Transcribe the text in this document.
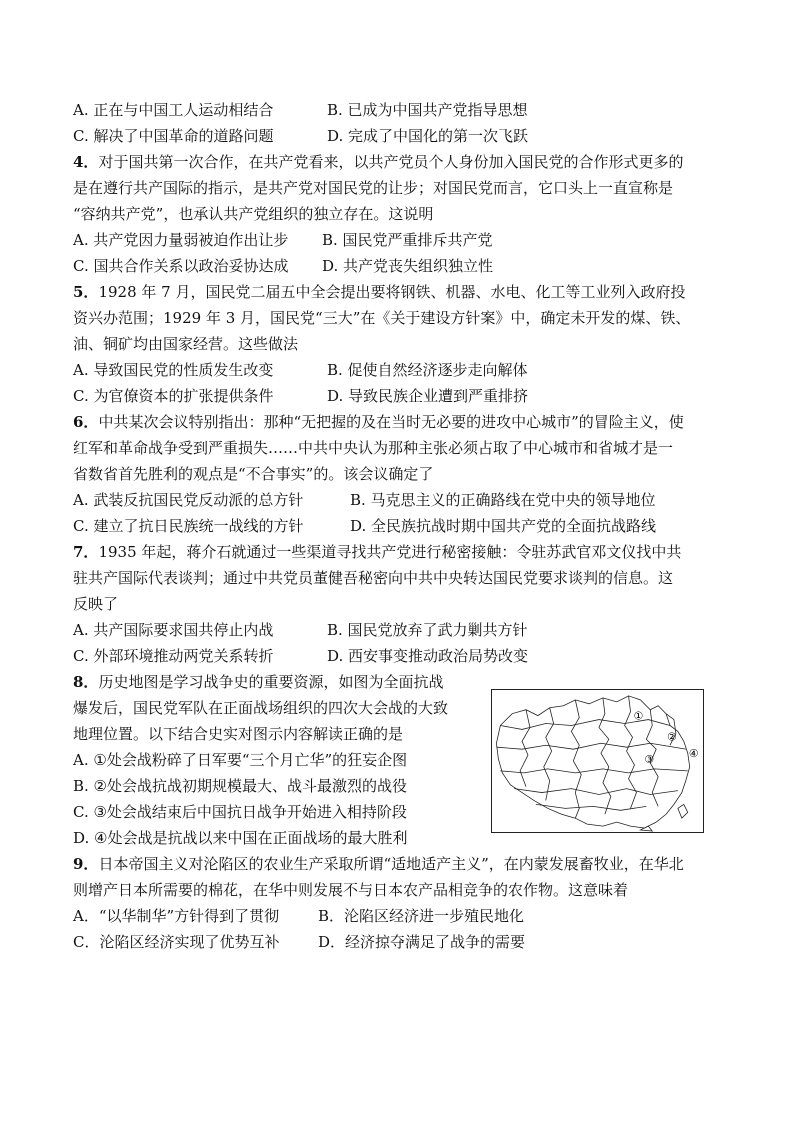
A. 正在与中国工人运动相结合	B. 已成为中国共产党指导思想
C. 解决了中国革命的道路问题	D. 完成了中国化的第一次飞跃
4．对于国共第一次合作，在共产党看来，以共产党员个人身份加入国民党的合作形式更多的
是在遵行共产国际的指示，是共产党对国民党的让步；对国民党而言，它口头上一直宣称是
“容纳共产党”，也承认共产党组织的独立存在。这说明
A. 共产党因力量弱被迫作出让步 B. 国民党严重排斥共产党
C. 国共合作关系以政治妥协达成 D. 共产党丧失组织独立性
5．1928 年 7 月，国民党二届五中全会提出要将钢铁、机器、水电、化工等工业列入政府投
资兴办范围；1929 年 3 月，国民党“三大”在《关于建设方针案》中，确定未开发的煤、铁、
油、铜矿均由国家经营。这些做法
A. 导致国民党的性质发生改变	B. 促使自然经济逐步走向解体
C. 为官僚资本的扩张提供条件	D. 导致民族企业遭到严重排挤
6．中共某次会议特别指出：那种“无把握的及在当时无必要的进攻中心城市”的冒险主义，使
红军和革命战争受到严重损失……中共中央认为那种主张必须占取了中心城市和省城才是一
省数省首先胜利的观点是“不合事实”的。该会议确定了
A. 武装反抗国民党反动派的总方针	B. 马克思主义的正确路线在党中央的领导地位
C. 建立了抗日民族统一战线的方针	D. 全民族抗战时期中国共产党的全面抗战路线
7．1935 年起，蒋介石就通过一些渠道寻找共产党进行秘密接触：令驻苏武官邓文仪找中共
驻共产国际代表谈判；通过中共党员董健吾秘密向中共中央转达国民党要求谈判的信息。这
反映了
A. 共产国际要求国共停止内战	B. 国民党放弃了武力剿共方针
C. 外部环境推动两党关系转折	D. 西安事变推动政治局势改变
8．历史地图是学习战争史的重要资源，如图为全面抗战
爆发后，国民党军队在正面战场组织的四次大会战的大致
地理位置。以下结合史实对图示内容解读正确的是
A. ①处会战粉碎了日军要“三个月亡华”的狂妄企图
B. ②处会战抗战初期规模最大、战斗最激烈的战役
C. ③处会战结束后中国抗日战争开始进入相持阶段
D. ④处会战是抗战以来中国在正面战场的最大胜利
①
②
③	④
9．日本帝国主义对沦陷区的农业生产采取所谓“适地适产主义”，在内蒙发展畜牧业，在华北
则增产日本所需要的棉花，在华中则发展不与日本农产品相竞争的农作物。这意味着
A．“以华制华”方针得到了贯彻	B．沦陷区经济进一步殖民地化
C．沦陷区经济实现了优势互补	D．经济掠夺满足了战争的需要
